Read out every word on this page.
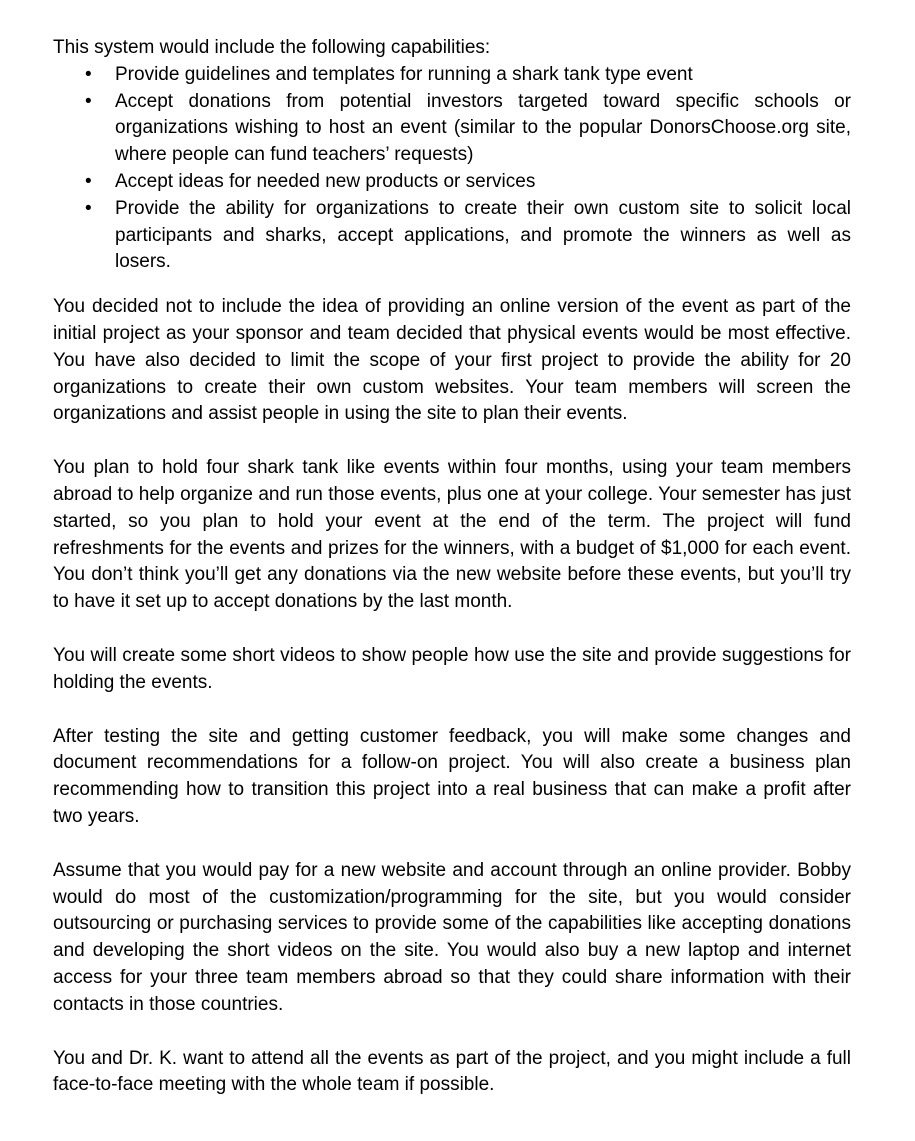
This system would include the following capabilities:

• Provide guidelines and templates for running a shark tank type event
• Accept donations from potential investors targeted toward specific schools or organizations wishing to host an event (similar to the popular DonorsChoose.org site, where people can fund teachers’ requests)
• Accept ideas for needed new products or services
• Provide the ability for organizations to create their own custom site to solicit local participants and sharks, accept applications, and promote the winners as well as losers.

You decided not to include the idea of providing an online version of the event as part of the initial project as your sponsor and team decided that physical events would be most effective. You have also decided to limit the scope of your first project to provide the ability for 20 organizations to create their own custom websites. Your team members will screen the organizations and assist people in using the site to plan their events.

You plan to hold four shark tank like events within four months, using your team members abroad to help organize and run those events, plus one at your college. Your semester has just started, so you plan to hold your event at the end of the term. The project will fund refreshments for the events and prizes for the winners, with a budget of $1,000 for each event. You don’t think you’ll get any donations via the new website before these events, but you’ll try to have it set up to accept donations by the last month.

You will create some short videos to show people how use the site and provide suggestions for holding the events.

After testing the site and getting customer feedback, you will make some changes and document recommendations for a follow-on project. You will also create a business plan recommending how to transition this project into a real business that can make a profit after two years.

Assume that you would pay for a new website and account through an online provider. Bobby would do most of the customization/programming for the site, but you would consider outsourcing or purchasing services to provide some of the capabilities like accepting donations and developing the short videos on the site. You would also buy a new laptop and internet access for your three team members abroad so that they could share information with their contacts in those countries.

You and Dr. K. want to attend all the events as part of the project, and you might include a full face-to-face meeting with the whole team if possible.
